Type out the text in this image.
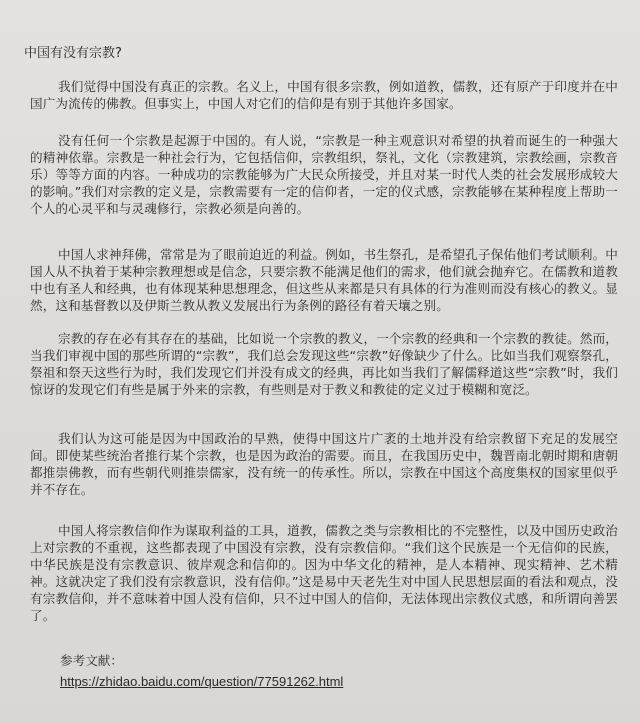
中国有没有宗教?

我们觉得中国没有真正的宗教。名义上，中国有很多宗教，例如道教，儒教，还有原产于印度并在中国广为流传的佛教。但事实上，中国人对它们的信仰是有别于其他许多国家。

没有任何一个宗教是起源于中国的。有人说，“宗教是一种主观意识对希望的执着而诞生的一种强大的精神依靠。宗教是一种社会行为，它包括信仰，宗教组织，祭礼，文化（宗教建筑，宗教绘画，宗教音乐）等等方面的内容。一种成功的宗教能够为广大民众所接受，并且对某一时代人类的社会发展形成较大的影响。”我们对宗教的定义是，宗教需要有一定的信仰者，一定的仪式感，宗教能够在某种程度上帮助一个人的心灵平和与灵魂修行，宗教必须是向善的。

中国人求神拜佛，常常是为了眼前迫近的利益。例如，书生祭孔，是希望孔子保佑他们考试顺利。中国人从不执着于某种宗教理想或是信念，只要宗教不能满足他们的需求，他们就会抛弃它。在儒教和道教中也有圣人和经典，也有体现某种思想理念，但这些从来都是只有具体的行为准则而没有核心的教义。显然，这和基督教以及伊斯兰教从教义发展出行为条例的路径有着天壤之别。

宗教的存在必有其存在的基础，比如说一个宗教的教义，一个宗教的经典和一个宗教的教徒。然而，当我们审视中国的那些所谓的“宗教”，我们总会发现这些“宗教”好像缺少了什么。比如当我们观察祭孔，祭祖和祭天这些行为时，我们发现它们并没有成文的经典，再比如当我们了解儒释道这些“宗教”时，我们惊讶的发现它们有些是属于外来的宗教，有些则是对于教义和教徒的定义过于模糊和宽泛。

我们认为这可能是因为中国政治的早熟，使得中国这片广袤的土地并没有给宗教留下充足的发展空间。即使某些统治者推行某个宗教，也是因为政治的需要。而且，在我国历史中，魏晋南北朝时期和唐朝都推崇佛教，而有些朝代则推崇儒家，没有统一的传承性。所以，宗教在中国这个高度集权的国家里似乎并不存在。

中国人将宗教信仰作为谋取利益的工具，道教，儒教之类与宗教相比的不完整性，以及中国历史政治上对宗教的不重视，这些都表现了中国没有宗教，没有宗教信仰。“我们这个民族是一个无信仰的民族，中华民族是没有宗教意识、彼岸观念和信仰的。因为中华文化的精神，是人本精神、现实精神、艺术精神。这就决定了我们没有宗教意识，没有信仰。”这是易中天老先生对中国人民思想层面的看法和观点，没有宗教信仰，并不意味着中国人没有信仰，只不过中国人的信仰，无法体现出宗教仪式感，和所谓向善罢了。

参考文献：
https://zhidao.baidu.com/question/77591262.html
